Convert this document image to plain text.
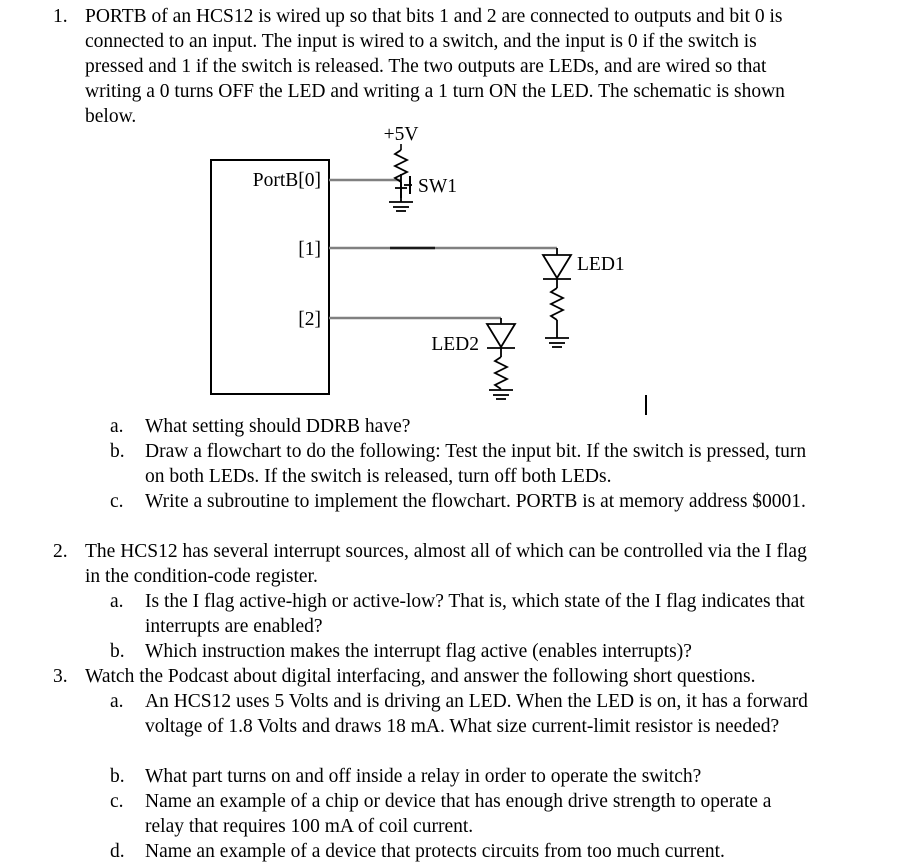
1. PORTB of an HCS12 is wired up so that bits 1 and 2 are connected to outputs and bit 0 is connected to an input. The input is wired to a switch, and the input is 0 if the switch is pressed and 1 if the switch is released. The two outputs are LEDs, and are wired so that writing a 0 turns OFF the LED and writing a 1 turn ON the LED. The schematic is shown below.
a.	What setting should DDRB have?
b.	Draw a flowchart to do the following: Test the input bit. If the switch is pressed, turn on both LEDs. If the switch is released, turn off both LEDs.
c.	Write a subroutine to implement the flowchart. PORTB is at memory address $0001.
2. The HCS12 has several interrupt sources, almost all of which can be controlled via the I flag in the condition-code register.
a.	Is the I flag active-high or active-low? That is, which state of the I flag indicates that interrupts are enabled?
b.	Which instruction makes the interrupt flag active (enables interrupts)?
3. Watch the Podcast about digital interfacing, and answer the following short questions.
a.	An HCS12 uses 5 Volts and is driving an LED. When the LED is on, it has a forward voltage of 1.8 Volts and draws 18 mA. What size current-limit resistor is needed?
b.	What part turns on and off inside a relay in order to operate the switch?
c.	Name an example of a chip or device that has enough drive strength to operate a relay that requires 100 mA of coil current.
d.	Name an example of a device that protects circuits from too much current.
PortB[0]
[1]
[2]
+5V
SW1
LED1
LED2
